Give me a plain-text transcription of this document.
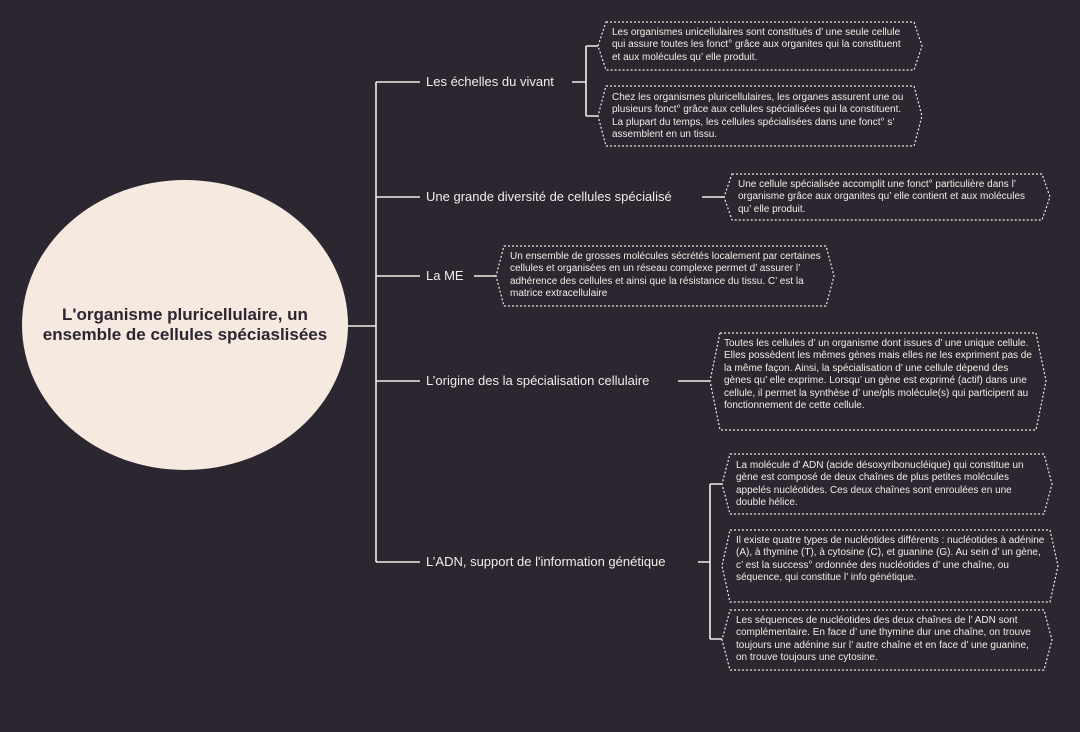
L'organisme pluricellulaire, un ensemble de cellules spéciaslisées
Les échelles du vivant
Une grande diversité de cellules spécialisé
La ME
L’origine des la spécialisation cellulaire
L’ADN, support de l'information génétique
Les organismes unicellulaires sont constitués d’ une seule cellule qui assure toutes les fonct° grâce aux organites qui la constituent et aux molécules qu’ elle produit.
Chez les organismes pluricellulaires, les organes assurent une ou plusieurs fonct° grâce aux cellules spécialisées qui la constituent. La plupart du temps, les cellules spécialisées dans une fonct° s’ assemblent en un tissu.
Une cellule spécialisée accomplit une fonct° particulière dans l’ organisme grâce aux organites qu’ elle contient et aux molécules qu’ elle produit.
Un ensemble de grosses molécules sécrétés localement par certaines cellules et organisées en un réseau complexe permet d’ assurer l’ adhérence des cellules et ainsi que la résistance du tissu. C’ est la matrice extracellulaire
Toutes les cellules d’ un organisme dont issues d’ une unique cellule. Elles possèdent les mêmes gènes mais elles ne les expriment pas de la même façon. Ainsi, la spécialisation d’ une cellule dépend des gènes qu’ elle exprime. Lorsqu’ un gène est exprimé (actif) dans une cellule, il permet la synthèse d’ une/pls molécule(s) qui participent au fonctionnement de cette cellule.
La molécule d’ ADN (acide désoxyribonucléique) qui constitue un gène est composé de deux chaînes de plus petites molécules appelés nucléotides. Ces deux chaînes sont enroulées en une double hélice.
Il existe quatre types de nucléotides différents : nucléotides à adénine (A), à thymine (T), à cytosine (C), et guanine (G). Au sein d’ un gène, c’ est la success° ordonnée des nucléotides d’ une chaîne, ou séquence, qui constitue l’ info génétique.
Les séquences de nucléotides des deux chaînes de l’ ADN sont complémentaire. En face d’ une thymine dur une chaîne, on trouve toujours une adénine sur l’ autre chaîne et en face d’ une guanine, on trouve toujours une cytosine.
